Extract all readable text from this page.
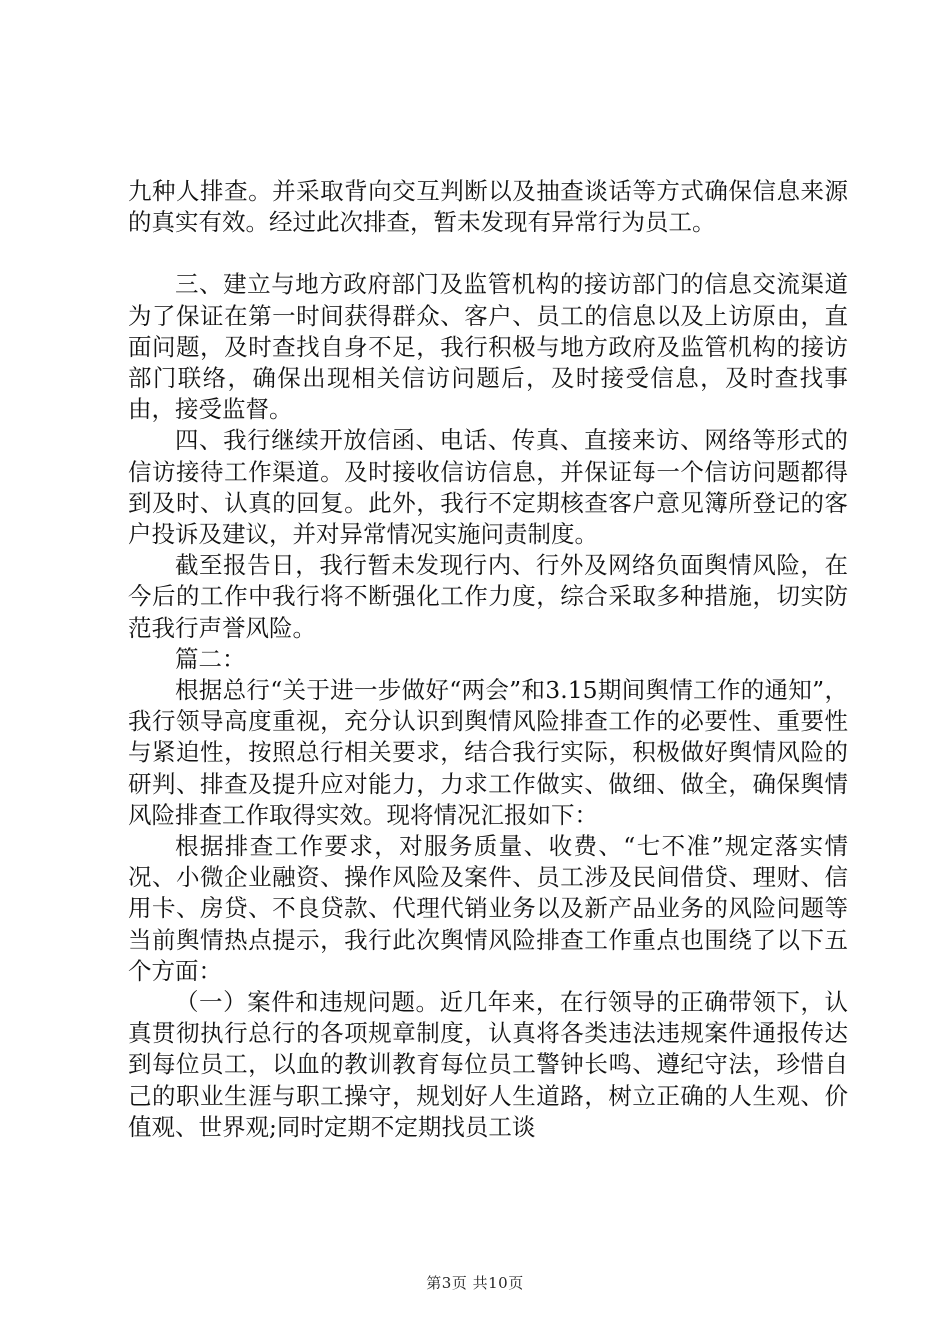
九种人排查。并采取背向交互判断以及抽查谈话等方式确保信息来源的真实有效。经过此次排查，暂未发现有异常行为员工。

三、建立与地方政府部门及监管机构的接访部门的信息交流渠道为了保证在第一时间获得群众、客户、员工的信息以及上访原由，直面问题，及时查找自身不足，我行积极与地方政府及监管机构的接访部门联络，确保出现相关信访问题后，及时接受信息，及时查找事由，接受监督。

四、我行继续开放信函、电话、传真、直接来访、网络等形式的信访接待工作渠道。及时接收信访信息，并保证每一个信访问题都得到及时、认真的回复。此外，我行不定期核查客户意见簿所登记的客户投诉及建议，并对异常情况实施问责制度。

截至报告日，我行暂未发现行内、行外及网络负面舆情风险，在今后的工作中我行将不断强化工作力度，综合采取多种措施，切实防范我行声誉风险。

篇二：

根据总行“关于进一步做好“两会”和3.15期间舆情工作的通知”，我行领导高度重视，充分认识到舆情风险排查工作的必要性、重要性与紧迫性，按照总行相关要求，结合我行实际，积极做好舆情风险的研判、排查及提升应对能力，力求工作做实、做细、做全，确保舆情风险排查工作取得实效。现将情况汇报如下：

根据排查工作要求，对服务质量、收费、“七不准”规定落实情况、小微企业融资、操作风险及案件、员工涉及民间借贷、理财、信用卡、房贷、不良贷款、代理代销业务以及新产品业务的风险问题等当前舆情热点提示，我行此次舆情风险排查工作重点也围绕了以下五个方面：

（一）案件和违规问题。近几年来，在行领导的正确带领下，认真贯彻执行总行的各项规章制度，认真将各类违法违规案件通报传达到每位员工，以血的教训教育每位员工警钟长鸣、遵纪守法，珍惜自己的职业生涯与职工操守，规划好人生道路，树立正确的人生观、价值观、世界观;同时定期不定期找员工谈

第3页 共10页
